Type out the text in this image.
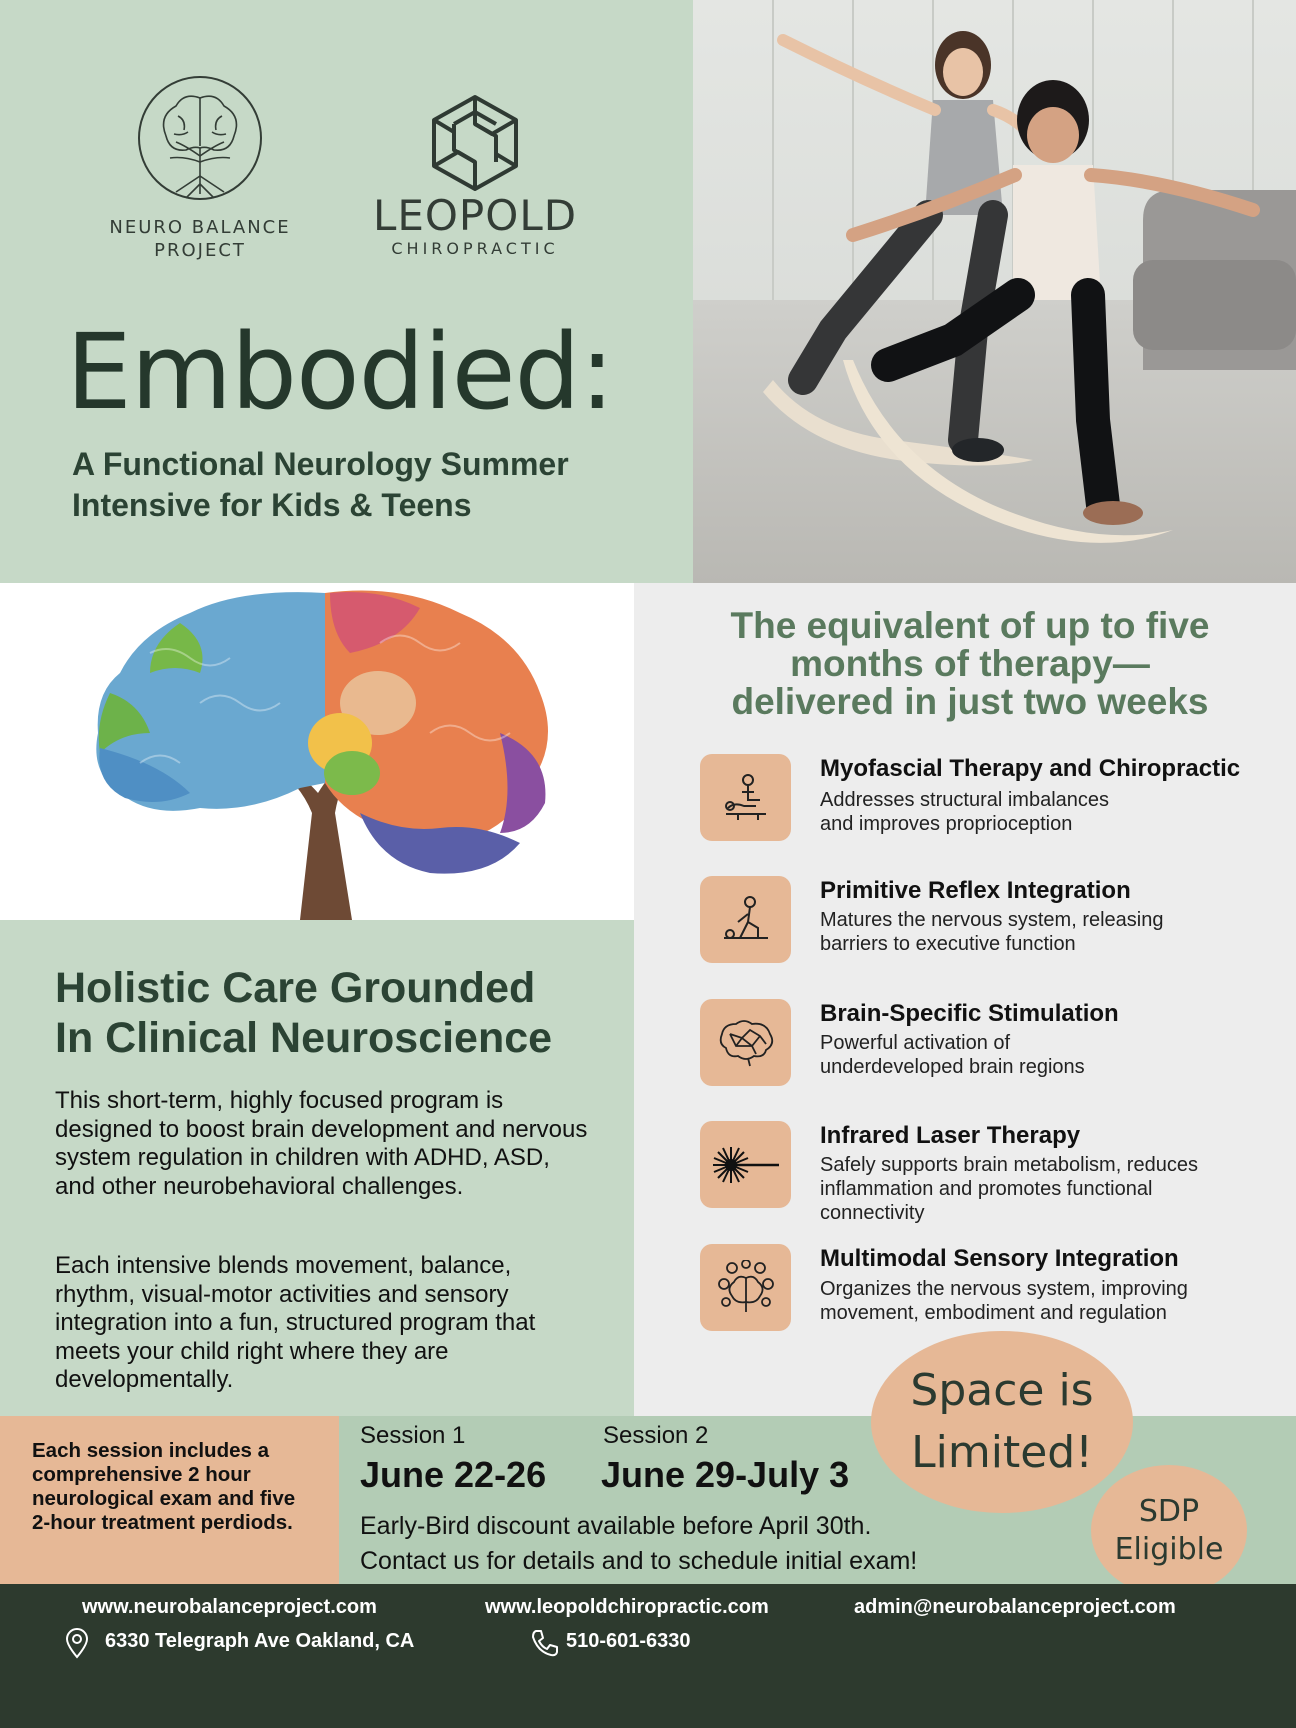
NEURO BALANCE
PROJECT
LEOPOLD
CHIROPRACTIC
Embodied:
A Functional Neurology Summer
Intensive for Kids & Teens
Holistic Care Grounded
In Clinical Neuroscience
This short-term, highly focused program is designed to boost brain development and nervous system regulation in children with ADHD, ASD, and other neurobehavioral challenges.
Each intensive blends movement, balance, rhythm, visual-motor activities and sensory integration into a fun, structured program that meets your child right where they are developmentally.
The equivalent of up to five
months of therapy—
delivered in just two weeks
Myofascial Therapy and Chiropractic
Addresses structural imbalances
and improves proprioception
Primitive Reflex Integration
Matures the nervous system, releasing
barriers to executive function
Brain-Specific Stimulation
Powerful activation of
underdeveloped brain regions
Infrared Laser Therapy
Safely supports brain metabolism, reduces
inflammation and promotes functional
connectivity
Multimodal Sensory Integration
Organizes the nervous system, improving
movement, embodiment and regulation
Each session includes a
comprehensive 2 hour
neurological exam and five
2-hour treatment perdiods.
Session 1
June 22-26
Session 2
June 29-July 3
Early-Bird discount available before April 30th.
Contact us for details and to schedule initial exam!
Space is
Limited!
SDP
Eligible
www.neurobalanceproject.com	www.leopoldchiropractic.com	admin@neurobalanceproject.com
6330 Telegraph Ave Oakland, CA	510-601-6330
